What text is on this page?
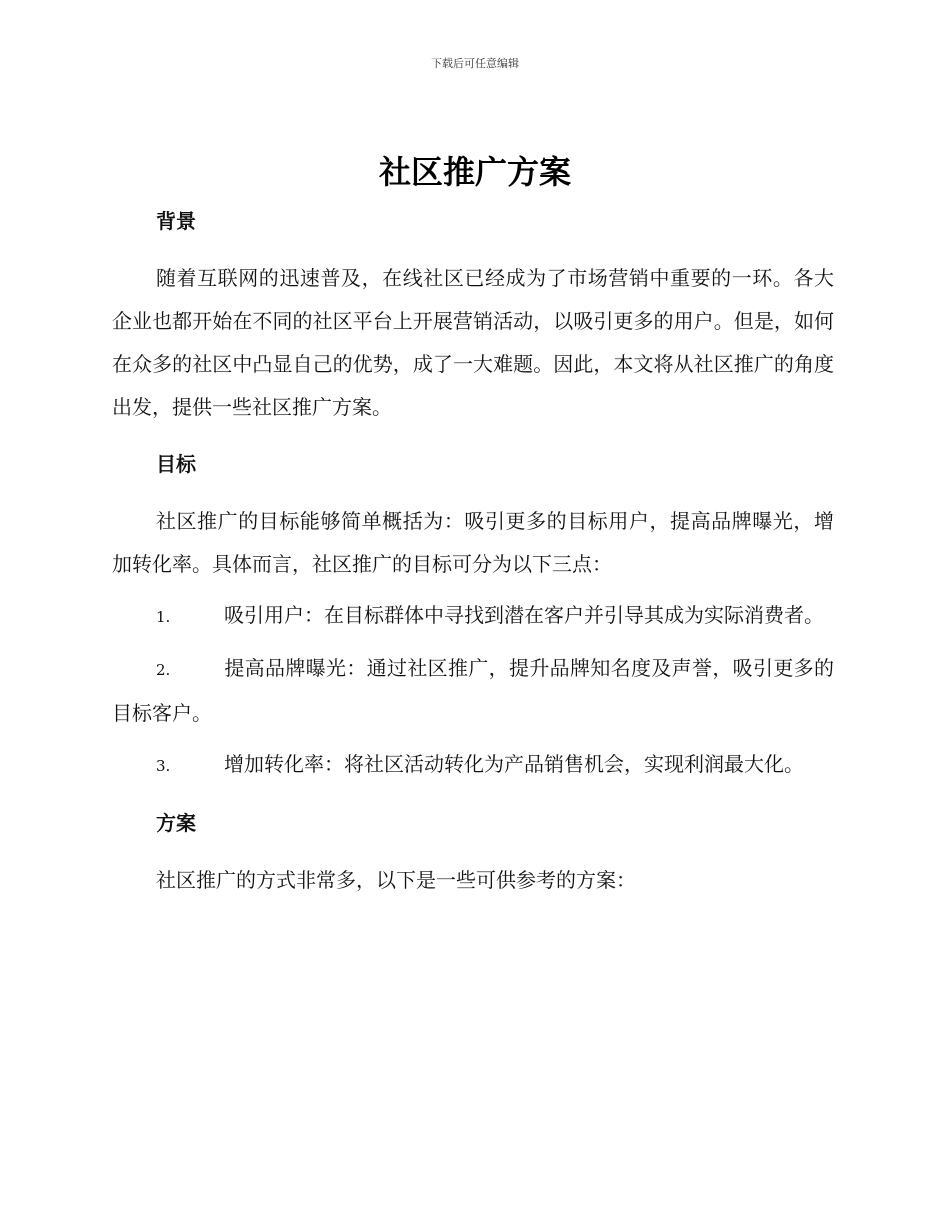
下载后可任意编辑
社区推广方案
背景

随着互联网的迅速普及，在线社区已经成为了市场营销中重要的一环。各大企业也都开始在不同的社区平台上开展营销活动，以吸引更多的用户。但是，如何在众多的社区中凸显自己的优势，成了一大难题。因此，本文将从社区推广的角度出发，提供一些社区推广方案。

目标

社区推广的目标能够简单概括为：吸引更多的目标用户，提高品牌曝光，增加转化率。具体而言，社区推广的目标可分为以下三点：

1.	吸引用户：在目标群体中寻找到潜在客户并引导其成为实际消费者。

2.	提高品牌曝光：通过社区推广，提升品牌知名度及声誉，吸引更多的目标客户。

3.	增加转化率：将社区活动转化为产品销售机会，实现利润最大化。

方案

社区推广的方式非常多，以下是一些可供参考的方案：
